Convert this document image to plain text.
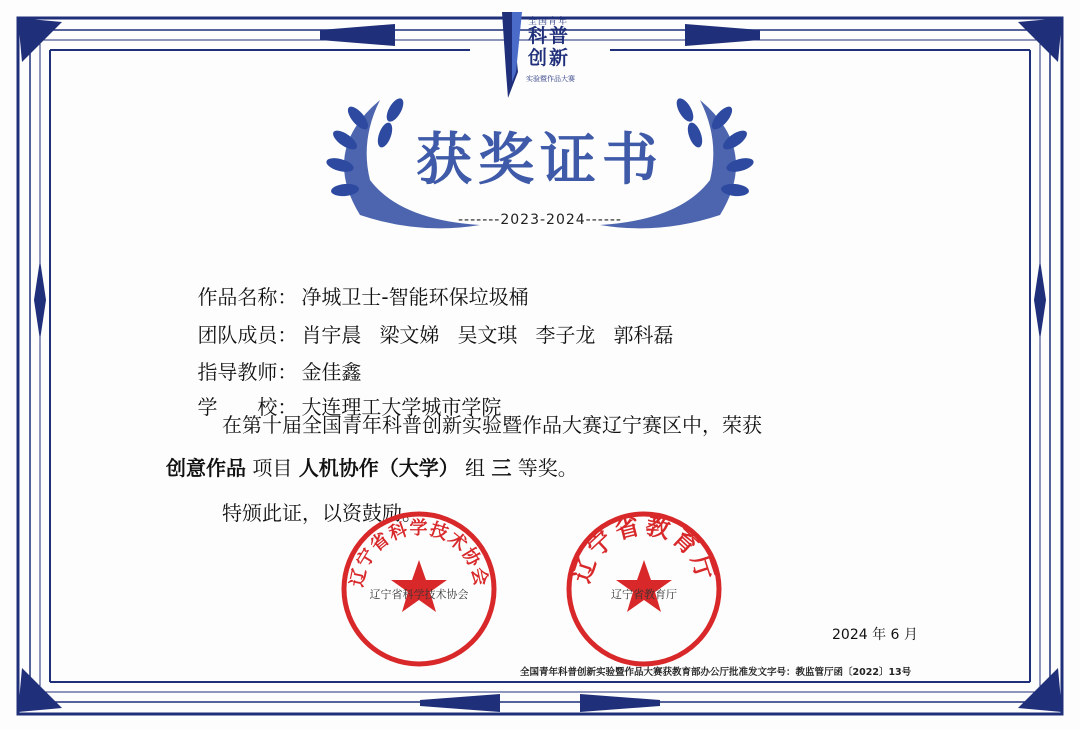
全国青年
科普
创新
实验暨作品大赛
获奖证书
-------2023-2024------

作品名称： 净城卫士-智能环保垃圾桶

团队成员： 肖宇晨 梁文娣 吴文琪 李子龙 郭科磊

指导教师： 金佳鑫

学　　校： 大连理工大学城市学院

在第十届全国青年科普创新实验暨作品大赛辽宁赛区中，荣获
创意作品 项目 人机协作（大学） 组 三 等奖。
特颁此证，以资鼓励。
辽宁省科学技术协会
辽宁省科学技术协会
辽宁省教育厅
辽宁省教育厅
2024 年 6 月
全国青年科普创新实验暨作品大赛获教育部办公厅批准发文字号：教监管厅函〔2022〕13号
